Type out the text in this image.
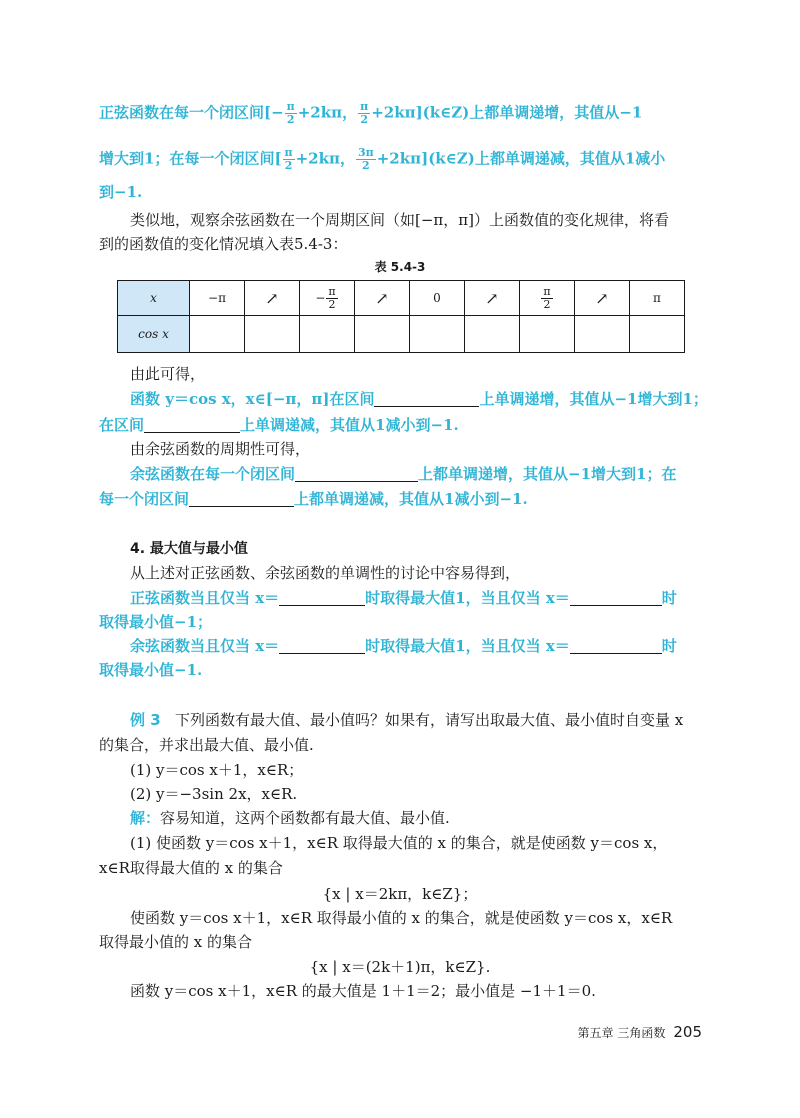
正弦函数在每一个闭区间[− $\frac{\pi}{2} +2k\pi$， $\frac{\pi}{2}$ +2kπ](k∈Z)上都单调递增，其值从−1
增大到1；在每一个闭区间[ $\frac{\pi}{2} +2k\pi$， $\frac{3\pi}{2}$ +2kπ](k∈Z)上都单调递减，其值从1减小
到−1.
类似地，观察余弦函数在一个周期区间（如[−π，π]）上函数值的变化规律，将看
到的函数值的变化情况填入表5.4-3：
表 5.4-3
x	−π	↗	− $\frac{\pi}{2}$	↗	0	↗	$\frac{\pi}{2}$	↗	π
cos x									
由此可得，
函数 y＝cos x，x∈[−π，π]在区间	上单调递增，其值从−1增大到1；
在区间	上单调递减，其值从1减小到−1.
由余弦函数的周期性可得，
余弦函数在每一个闭区间	上都单调递增，其值从−1增大到1；在
每一个闭区间	上都单调递减，其值从1减小到−1.
4. 最大值与最小值
从上述对正弦函数、余弦函数的单调性的讨论中容易得到，
正弦函数当且仅当 x＝	时取得最大值1，当且仅当 x＝	时
取得最小值−1；
余弦函数当且仅当 x＝	时取得最大值1，当且仅当 x＝	时
取得最小值−1.
例 3 下列函数有最大值、最小值吗？如果有，请写出取最大值、最小值时自变量 x
的集合，并求出最大值、最小值.
(1) y＝cos x＋1，x∈R；
(2) y＝−3sin 2x，x∈R.
解：容易知道，这两个函数都有最大值、最小值.
(1) 使函数 y＝cos x＋1，x∈R 取得最大值的 x 的集合，就是使函数 y＝cos x，
x∈R取得最大值的 x 的集合
{x | x＝2kπ，k∈Z}；
使函数 y＝cos x＋1，x∈R 取得最小值的 x 的集合，就是使函数 y＝cos x，x∈R
取得最小值的 x 的集合
{x | x＝(2k＋1)π，k∈Z}.
函数 y＝cos x＋1，x∈R 的最大值是 1＋1＝2；最小值是 −1＋1＝0.
第五章 三角函数 205
